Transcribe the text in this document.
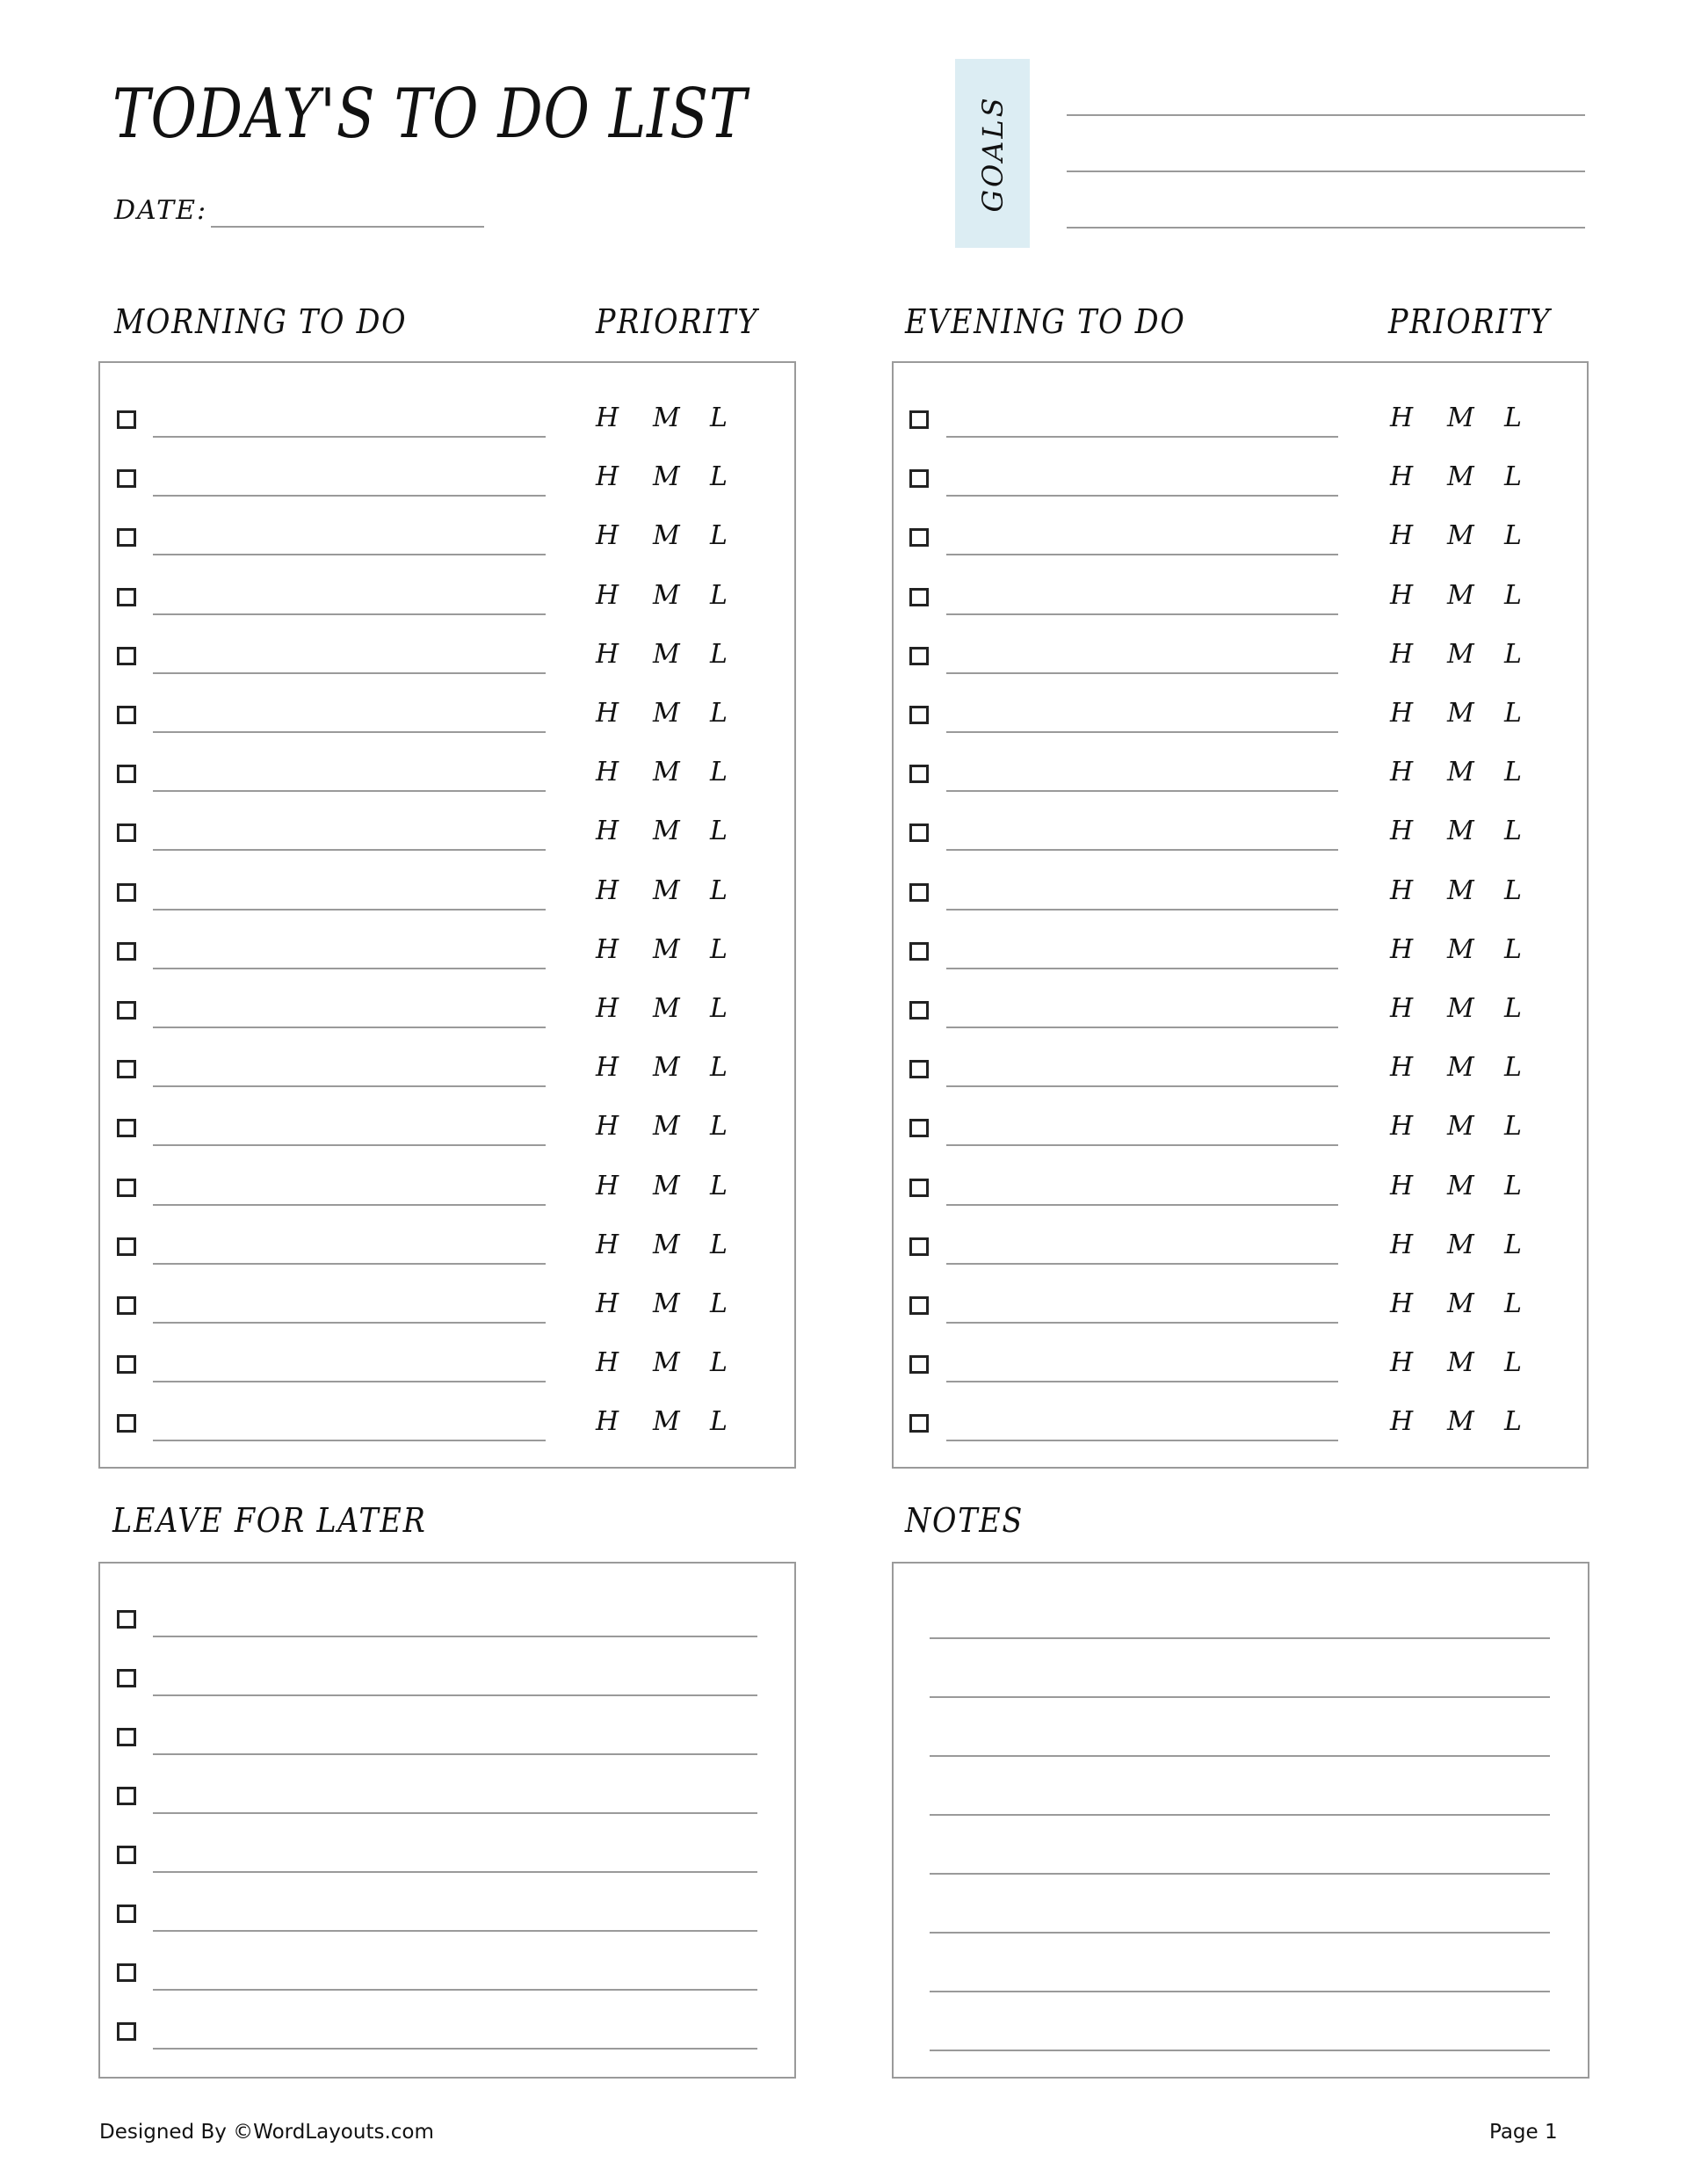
TODAY'S TO DO LIST
DATE:	GOALS
MORNING TO DO	PRIORITY	EVENING TO DO	PRIORITY
H M L
H M L
H M L
H M L
H M L
H M L
H M L
H M L
H M L
H M L
H M L
H M L
H M L
H M L
H M L
H M L
H M L
H M L
H M L
H M L
H M L
H M L
H M L
H M L
H M L
H M L
H M L
H M L
H M L
H M L
H M L
H M L
H M L
H M L
H M L
H M L
LEAVE FOR LATER	NOTES
Designed By ©WordLayouts.com	Page 1
